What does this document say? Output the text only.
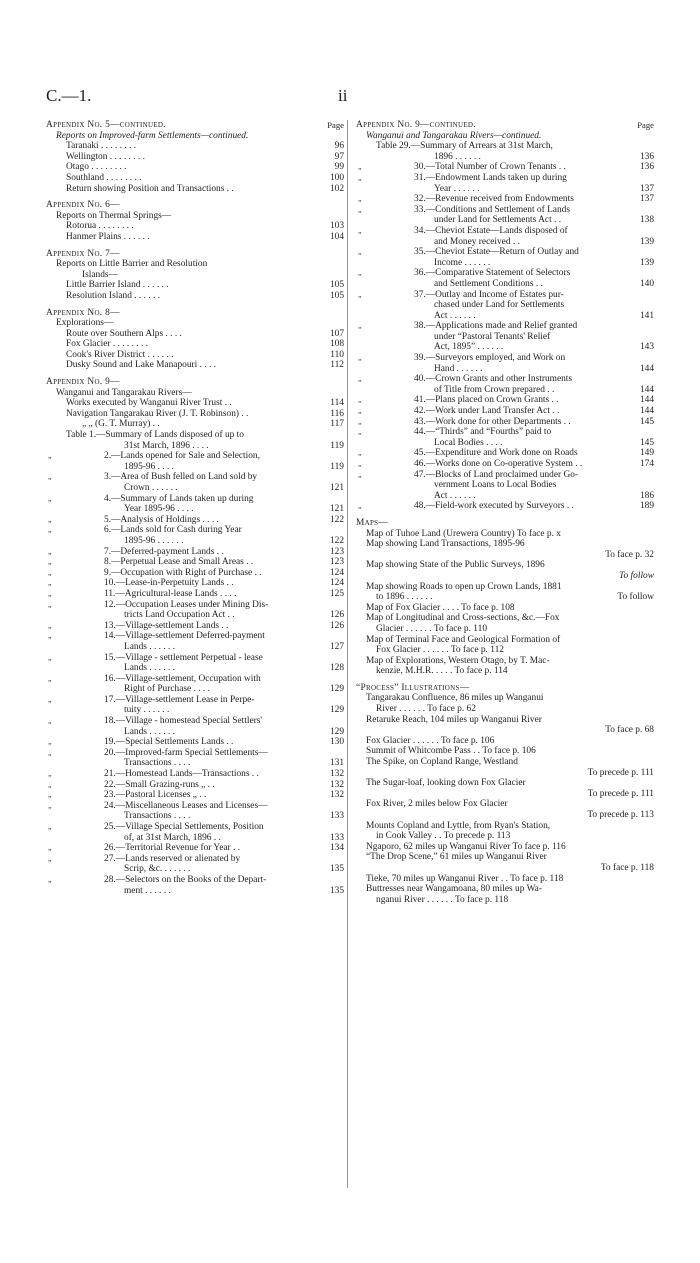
C.—1.	ii
Appendix No. 5—continued.	Page
Reports on Improved-farm Settlements—continued.
Taranaki . . . . . . . .	96
Wellington . . . . . . . .	97
Otago . . . . . . . .	99
Southland . . . . . . . .	100
Return showing Position and Transactions . .	102
Appendix No. 6—
Reports on Thermal Springs—
Rotorua . . . . . . . .	103
Hanmer Plains . . . . . .	104
Appendix No. 7—
Reports on Little Barrier and Resolution
Islands—
Little Barrier Island . . . . . .	105
Resolution Island . . . . . .	105
Appendix No. 8—
Explorations—
Route over Southern Alps . . . .	107
Fox Glacier . . . . . . . .	108
Cook's River District . . . . . .	110
Dusky Sound and Lake Manapouri . . . .	112
Appendix No. 9—
Wanganui and Tangarakau Rivers—
Works executed by Wanganui River Trust . .	114
Navigation Tangarakau River (J. T. Robinson) . .	116
„ „ (G. T. Murray) . .	117
Table 1.—Summary of Lands disposed of up to
31st March, 1896 . . . .	119
„	2.—Lands opened for Sale and Selection,
1895-96 . . . .	119
„	3.—Area of Bush felled on Land sold by
Crown . . . . . .	121
„	4.—Summary of Lands taken up during
Year 1895-96 . . . .	121
„	5.—Analysis of Holdings . . . .	122
„	6.—Lands sold for Cash during Year
1895-96 . . . . . .	122
„	7.—Deferred-payment Lands . .	123
„	8.—Perpetual Lease and Small Areas . .	123
„	9.—Occupation with Right of Purchase . .	124
„	10.—Lease-in-Perpetuity Lands . .	124
„	11.—Agricultural-lease Lands . . . .	125
„	12.—Occupation Leases under Mining Dis-
tricts Land Occupation Act . .	126
„	13.—Village-settlement Lands . .	126
„	14.—Village-settlement Deferred-payment
Lands . . . . . .	127
„	15.—Village - settlement Perpetual - lease
Lands . . . . . .	128
„	16.—Village-settlement, Occupation with
Right of Purchase . . . .	129
„	17.—Village-settlement Lease in Perpe-
tuity . . . . . .	129
„	18.—Village - homestead Special Settlers'
Lands . . . . . .	129
„	19.—Special Settlements Lands . .	130
„	20.—Improved-farm Special Settlements—
Transactions . . . .	131
„	21.—Homestead Lands—Transactions . .	132
„	22.—Small Grazing-runs „ . .	132
„	23.—Pastoral Licenses „ . .	132
„	24.—Miscellaneous Leases and Licenses—
Transactions . . . .	133
„	25.—Village Special Settlements, Position
of, at 31st March, 1896 . .	133
„	26.—Territorial Revenue for Year . .	134
„	27.—Lands reserved or alienated by
Scrip, &c. . . . . . .	135
„	28.—Selectors on the Books of the Depart-
ment . . . . . .	135
Appendix No. 9—continued.	Page
Wanganui and Tangarakau Rivers—continued.
Table 29.—Summary of Arrears at 31st March,
1896 . . . . . .	136
„	30.—Total Number of Crown Tenants . .	136
„	31.—Endowment Lands taken up during
Year . . . . . .	137
„	32.—Revenue received from Endowments	137
„	33.—Conditions and Settlement of Lands
under Land for Settlements Act . .	138
„	34.—Cheviot Estate—Lands disposed of
and Money received . .	139
„	35.—Cheviot Estate—Return of Outlay and
Income . . . . . .	139
„	36.—Comparative Statement of Selectors
and Settlement Conditions . .	140
„	37.—Outlay and Income of Estates pur-
chased under Land for Settlements
Act . . . . . .	141
„	38.—Applications made and Relief granted
under “Pastoral Tenants' Relief
Act, 1895” . . . . . .	143
„	39.—Surveyors employed, and Work on
Hand . . . . . .	144
„	40.—Crown Grants and other Instruments
of Title from Crown prepared . .	144
„	41.—Plans placed on Crown Grants . .	144
„	42.—Work under Land Transfer Act . .	144
„	43.—Work done for other Departments . .	145
„	44.—“Thirds” and “Fourths” paid to
Local Bodies . . . .	145
„	45.—Expenditure and Work done on Roads	149
„	46.—Works done on Co-operative System . .	174
„	47.—Blocks of Land proclaimed under Go-
vernment Loans to Local Bodies
Act . . . . . .	186
„	48.—Field-work executed by Surveyors . .	189
Maps—
Map of Tuhoe Land (Urewera Country) To face p. x
Map showing Land Transactions, 1895-96
To face p. 32
Map showing State of the Public Surveys, 1896
To follow
Map showing Roads to open up Crown Lands, 1881
to 1896 . . . . . .	To follow
Map of Fox Glacier . . . . To face p. 108
Map of Longitudinal and Cross-sections, &c.—Fox
Glacier . . . . . . To face p. 110
Map of Terminal Face and Geological Formation of
Fox Glacier . . . . . . To face p. 112
Map of Explorations, Western Otago, by T. Mac-
kenzie, M.H.R. . . . . To face p. 114
“Process” Illustrations—
Tangarakau Confluence, 86 miles up Wanganui
River . . . . . . To face p. 62
Retaruke Reach, 104 miles up Wanganui River
To face p. 68
Fox Glacier . . . . . . To face p. 106
Summit of Whitcombe Pass . . To face p. 106
The Spike, on Copland Range, Westland
To precede p. 111
The Sugar-loaf, looking down Fox Glacier
To precede p. 111
Fox River, 2 miles below Fox Glacier
To precede p. 113
Mounts Copland and Lyttle, from Ryan's Station,
in Cook Valley . . To precede p. 113
Ngaporo, 62 miles up Wanganui River To face p. 116
“The Drop Scene,” 61 miles up Wanganui River
To face p. 118
Tieke, 70 miles up Wanganui River . . To face p. 118
Buttresses near Wangamoana, 80 miles up Wa-
nganui River . . . . . . To face p. 118
